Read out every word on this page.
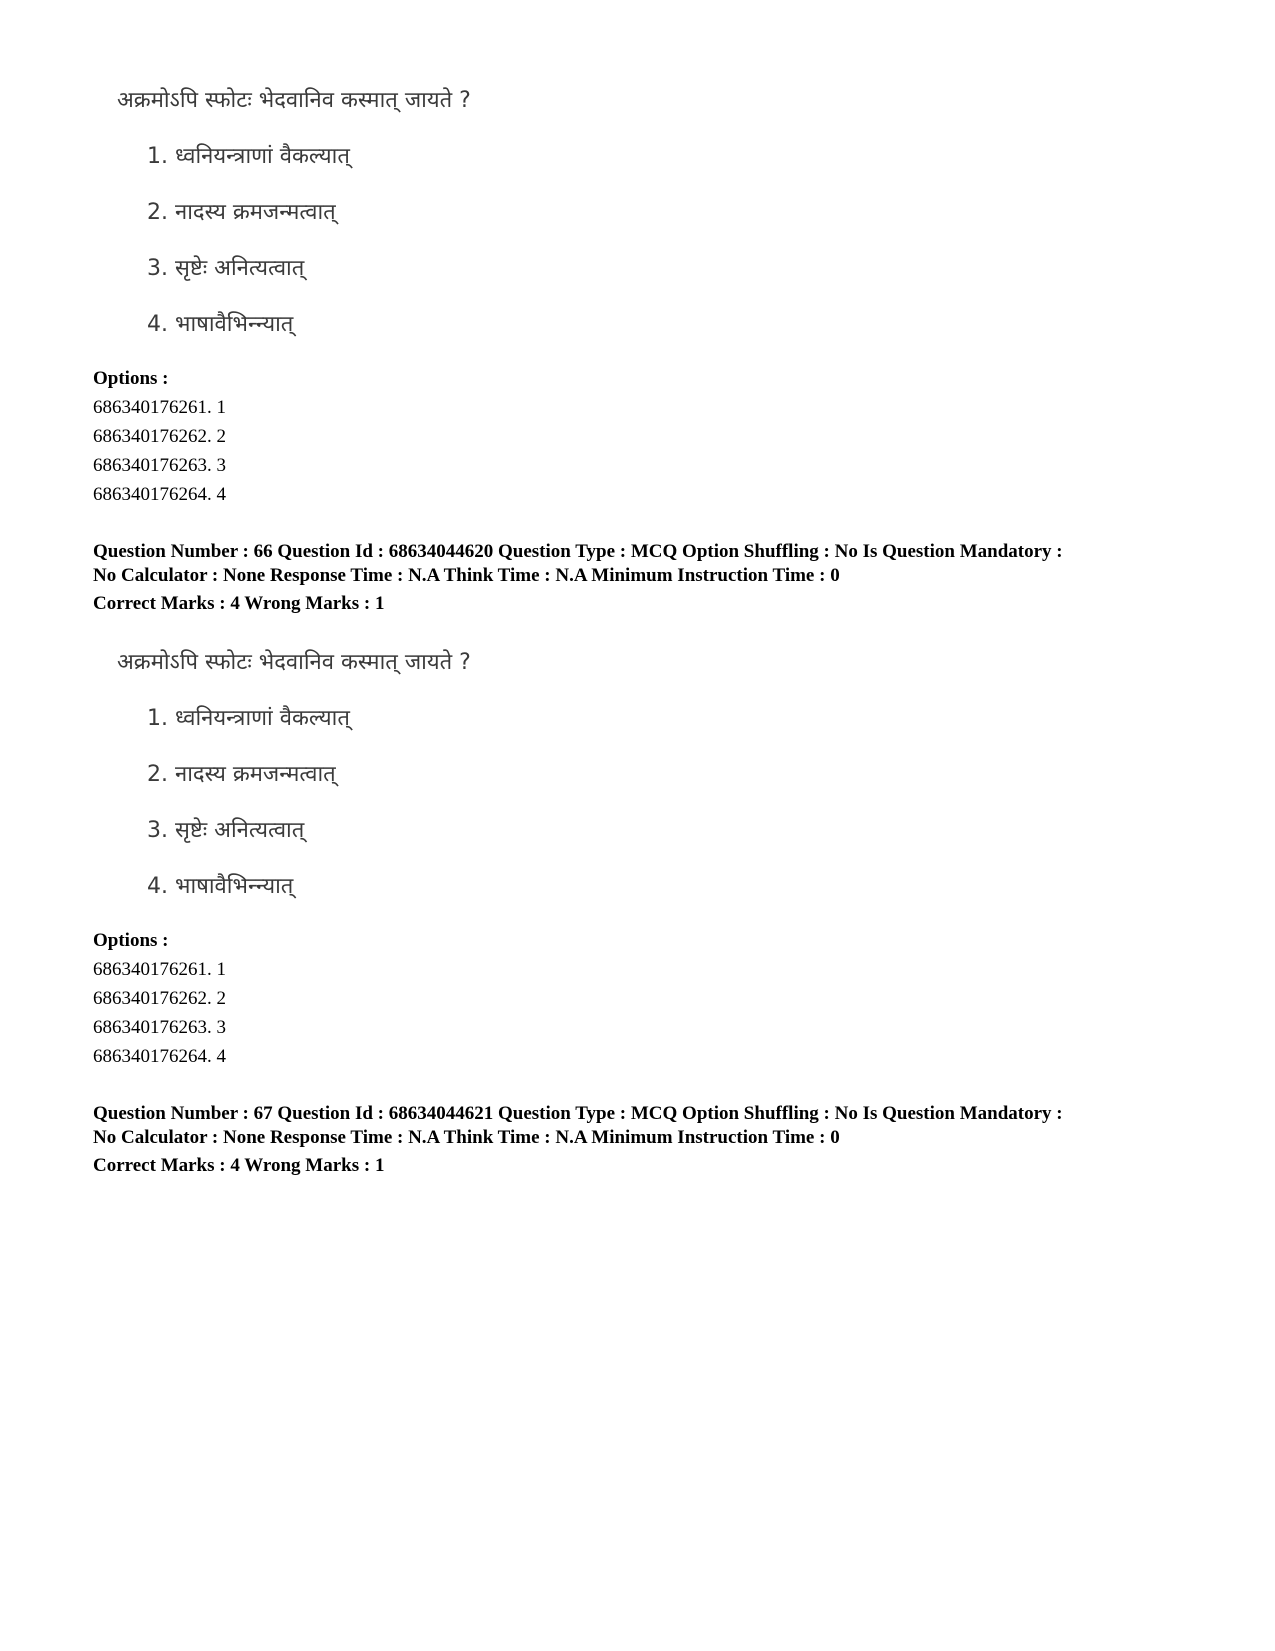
अक्रमोऽपि स्फोटः भेदवानिव कस्मात् जायते ?
1. ध्वनियन्त्राणां वैकल्यात्
2. नादस्य क्रमजन्मत्वात्
3. सृष्टेः अनित्यत्वात्
4. भाषावैभिन्न्यात्
Options :
686340176261. 1
686340176262. 2
686340176263. 3
686340176264. 4
Question Number : 66 Question Id : 68634044620 Question Type : MCQ Option Shuffling : No Is Question Mandatory :
No Calculator : None Response Time : N.A Think Time : N.A Minimum Instruction Time : 0
Correct Marks : 4 Wrong Marks : 1
अक्रमोऽपि स्फोटः भेदवानिव कस्मात् जायते ?
1. ध्वनियन्त्राणां वैकल्यात्
2. नादस्य क्रमजन्मत्वात्
3. सृष्टेः अनित्यत्वात्
4. भाषावैभिन्न्यात्
Options :
686340176261. 1
686340176262. 2
686340176263. 3
686340176264. 4
Question Number : 67 Question Id : 68634044621 Question Type : MCQ Option Shuffling : No Is Question Mandatory :
No Calculator : None Response Time : N.A Think Time : N.A Minimum Instruction Time : 0
Correct Marks : 4 Wrong Marks : 1
